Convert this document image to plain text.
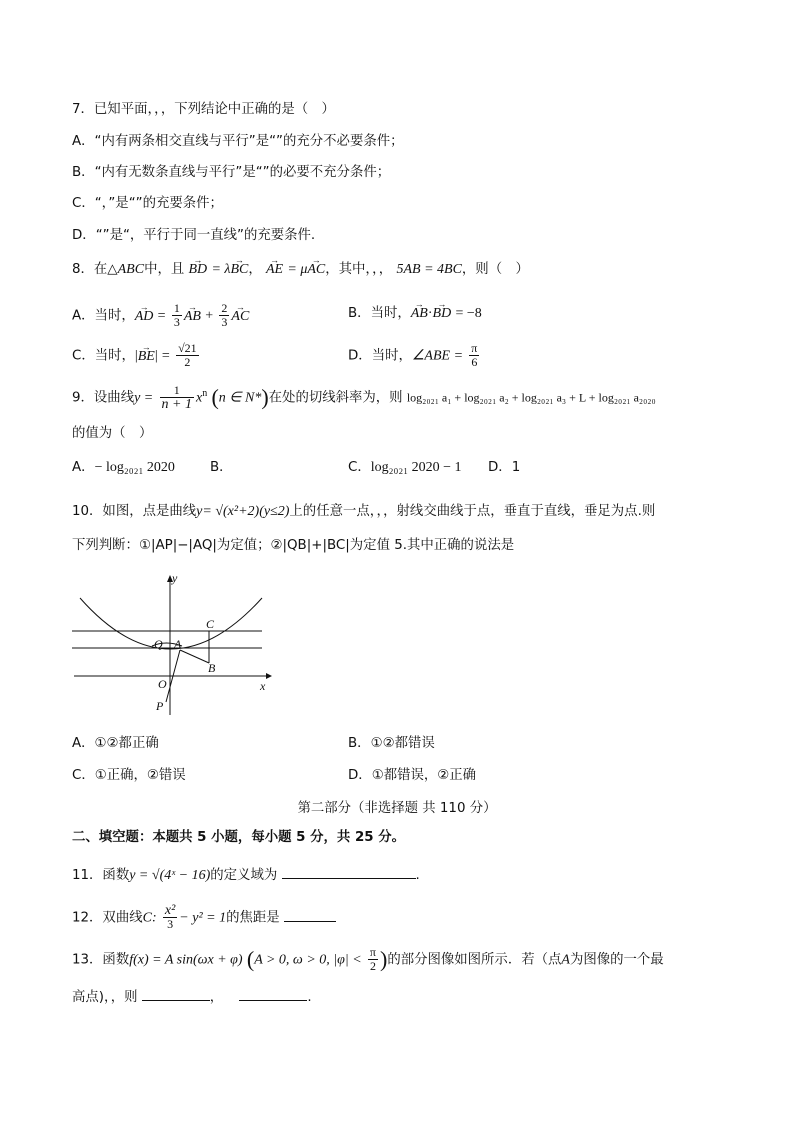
7．已知平面，，，下列结论中正确的是（　）
A．“内有两条相交直线与平行”是“”的充分不必要条件；
B．“内有无数条直线与平行”是“”的必要不充分条件；
C．“，”是“”的充要条件；
D．“”是“，平行于同一直线”的充要条件.
8．在△ABC中，且 → BD = λ→ BC， → AE = μ→ AC，其中，，， 5AB = 4BC，则（　）
A．当时，→ AD = $\frac{1}{3}$ → AB + $\frac{2}{3}$ → AC	B．当时，→ AB·→ BD = −8
C．当时，|→ $BE| = \frac{√21}{2}$	D．当时，∠ABE = $\frac{\pi}{6}$
9．设曲线$y = \frac{1}{n + 1} x^n$ (n ∈ N*)在处的切线斜率为，则 log₂₀₂₁ a₁ + log₂₀₂₁ a₂ + log₂₀₂₁ a₃ + L + log₂₀₂₁ a₂₀₂₀
的值为（　）
A．− log₂₀₂₁ 2020	B．	C．log₂₀₂₁ 2020 − 1 D．1
10．如图，点是曲线y= √(x²+2)(y≤2)上的任意一点，，，射线交曲线于点，垂直于直线，垂足为点.则
下列判断：①|AP|−|AQ|为定值；②|QB|+|BC|为定值 5.其中正确的说法是
y
x
O
P
Q A
B
C
A．①②都正确	B．①②都错误
C．①正确，②错误	D．①都错误，②正确
第二部分（非选择题 共 110 分）
二、填空题：本题共 5 小题，每小题 5 分，共 25 分。
11．函数y = √(4ˣ − 16)的定义域为	.
12．双曲线C: $\frac{\text{x²}}{3} - y^2 = 1$的焦距是
13．函数f(x) = A sin(ωx + φ) (A > 0, ω > 0, $|\varphi| < \frac{\pi}{2}$ )的部分图像如图所示．若（点A为图像的一个最
高点)，，则	，	.
